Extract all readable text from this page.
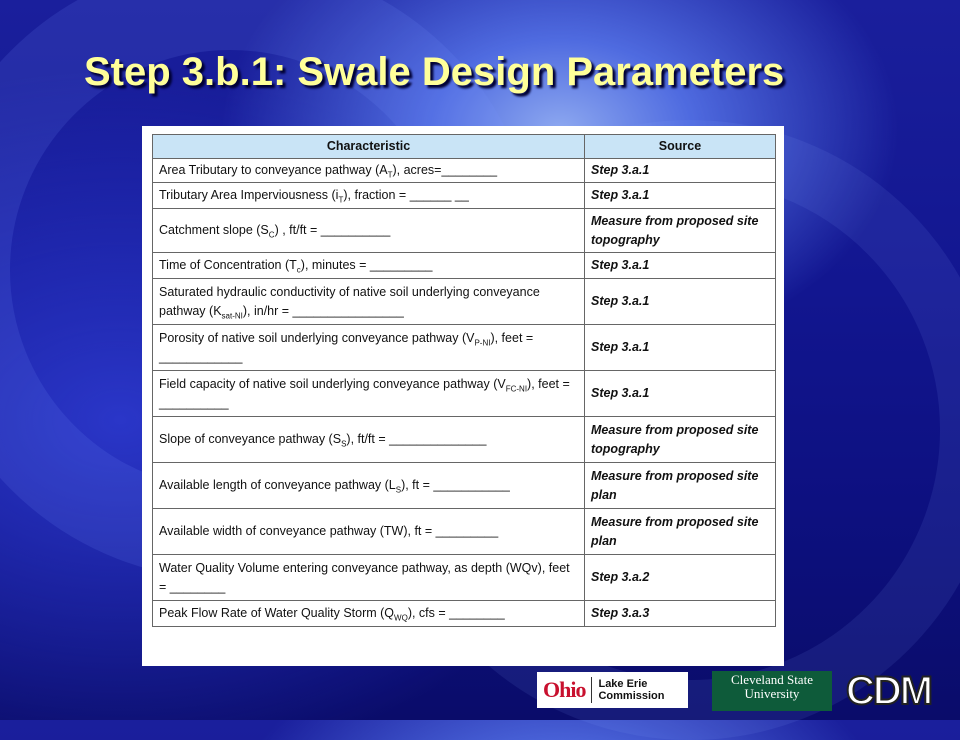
Step 3.b.1: Swale Design Parameters
Characteristic	Source
Area Tributary to conveyance pathway $(A_T)$, acres=________	Step 3.a.1
Tributary Area Imperviousness $(i_T)$, fraction = ______ __	Step 3.a.1
Catchment slope $(S_C)$ , ft/ft = __________	Measure from proposed site topography
Time of Concentration $(T_c)$, minutes = _________	Step 3.a.1
Saturated hydraulic conductivity of native soil underlying conveyance pathway $(K_{sat-NI})$, in/hr = ________________	Step 3.a.1
Porosity of native soil underlying conveyance pathway $(V_{P-NI})$, feet = ____________	Step 3.a.1
Field capacity of native soil underlying conveyance pathway $(V_{FC-NI})$, feet = __________	Step 3.a.1
Slope of conveyance pathway $(S_S)$, ft/ft = ______________	Measure from proposed site topography
Available length of conveyance pathway $(L_S)$, ft = ___________	Measure from proposed site plan
Available width of conveyance pathway (TW), ft = _________	Measure from proposed site plan
Water Quality Volume entering conveyance pathway, as depth (WQv), feet = ________	Step 3.a.2
Peak Flow Rate of Water Quality Storm $(Q_{WQ})$, cfs = ________	Step 3.a.3
Ohio Lake Erie
Commission
Cleveland State
University	CDM
